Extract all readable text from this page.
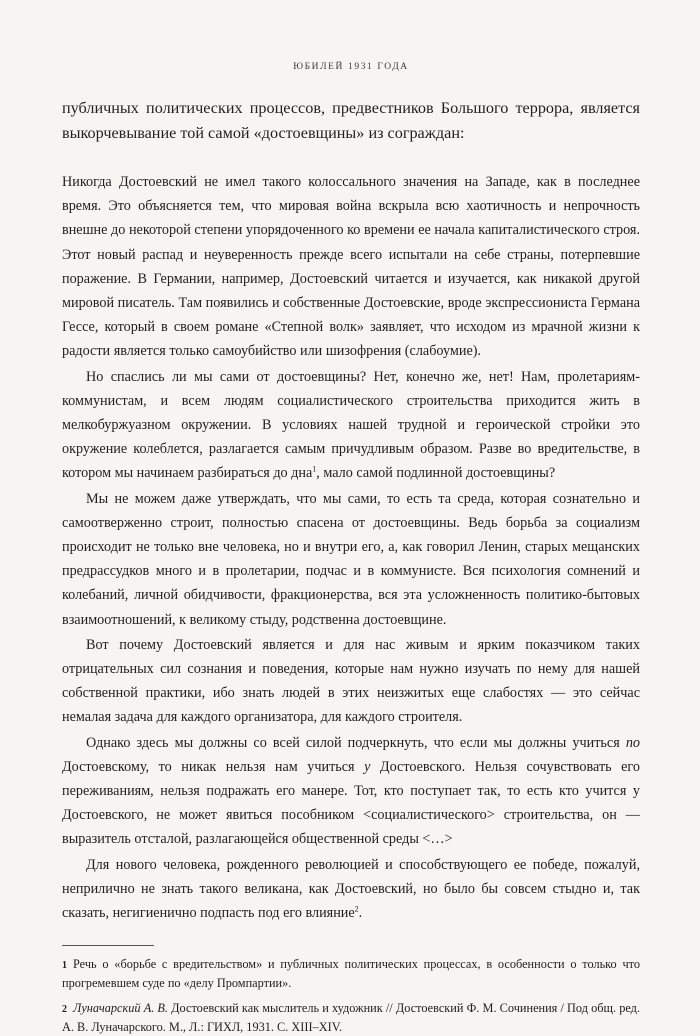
ЮБИЛЕЙ 1931 ГОДА

публичных политических процессов, предвестников Большого террора, является выкорчевывание той самой «достоевщины» из сограждан:

Никогда Достоевский не имел такого колоссального значения на Западе, как в последнее время. Это объясняется тем, что мировая война вскрыла всю хаотичность и непрочность внешне до некоторой степени упорядоченного ко времени ее начала капиталистического строя. Этот новый распад и неуверенность прежде всего испытали на себе страны, потерпевшие поражение. В Германии, например, Достоевский читается и изучается, как никакой другой мировой писатель. Там появились и собственные Достоевские, вроде экспрессиониста Германа Гессе, который в своем романе «Степной волк» заявляет, что исходом из мрачной жизни к радости является только самоубийство или шизофрения (слабоумие).

Но спаслись ли мы сами от достоевщины? Нет, конечно же, нет! Нам, пролетариям-коммунистам, и всем людям социалистического строительства приходится жить в мелкобуржуазном окружении. В условиях нашей трудной и героической стройки это окружение колеблется, разлагается самым причудливым образом. Разве во вредительстве, в котором мы начинаем разбираться до дна$^1$, мало самой подлинной достоевщины?

Мы не можем даже утверждать, что мы сами, то есть та среда, которая сознательно и самоотверженно строит, полностью спасена от достоевщины. Ведь борьба за социализм происходит не только вне человека, но и внутри его, а, как говорил Ленин, старых мещанских предрассудков много и в пролетарии, подчас и в коммунисте. Вся психология сомнений и колебаний, личной обидчивости, фракционерства, вся эта усложненность политико-бытовых взаимоотношений, к великому стыду, родственна достоевщине.

Вот почему Достоевский является и для нас живым и ярким показчиком таких отрицательных сил сознания и поведения, которые нам нужно изучать по нему для нашей собственной практики, ибо знать людей в этих неизжитых еще слабостях — это сейчас немалая задача для каждого организатора, для каждого строителя.

Однако здесь мы должны со всей силой подчеркнуть, что если мы должны учиться по Достоевскому, то никак нельзя нам учиться у Достоевского. Нельзя сочувствовать его переживаниям, нельзя подражать его манере. Тот, кто поступает так, то есть кто учится у Достоевского, не может явиться пособником <социалистического> строительства, он — выразитель отсталой, разлагающейся общественной среды <…>

Для нового человека, рожденного революцией и способствующего ее победе, пожалуй, неприлично не знать такого великана, как Достоевский, но было бы совсем стыдно и, так сказать, негигиенично подпасть под его влияние$^2$.

1 Речь о «борьбе с вредительством» и публичных политических процессах, в особенности о только что прогремевшем суде по «делу Промпартии».

2 Луначарский А. В. Достоевский как мыслитель и художник // Достоевский Ф. М. Сочинения / Под общ. ред. А. В. Луначарского. М., Л.: ГИХЛ, 1931. С. XIII–XIV.
